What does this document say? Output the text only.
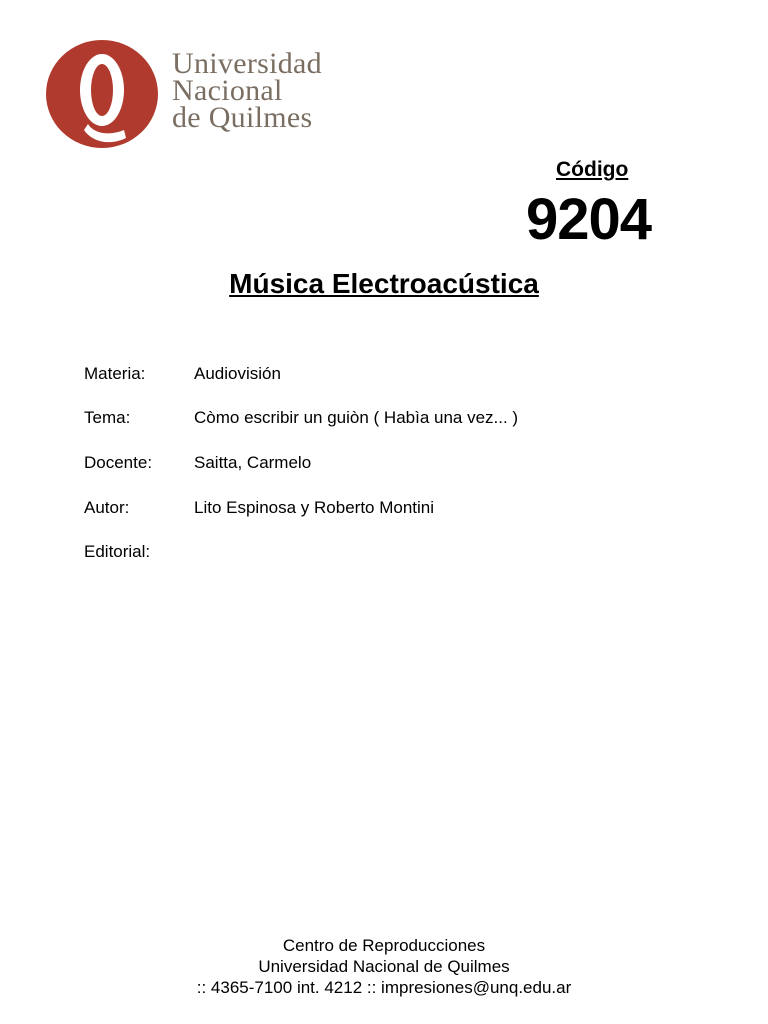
Universidad
Nacional
de Quilmes
Código
9204
Música Electroacústica
Materia:	Audiovisión
Tema:	Còmo escribir un guiòn ( Habìa una vez... )
Docente: Saitta, Carmelo
Autor:	Lito Espinosa y Roberto Montini
Editorial:
Centro de Reproducciones
Universidad Nacional de Quilmes
:: 4365-7100 int. 4212 :: impresiones@unq.edu.ar
